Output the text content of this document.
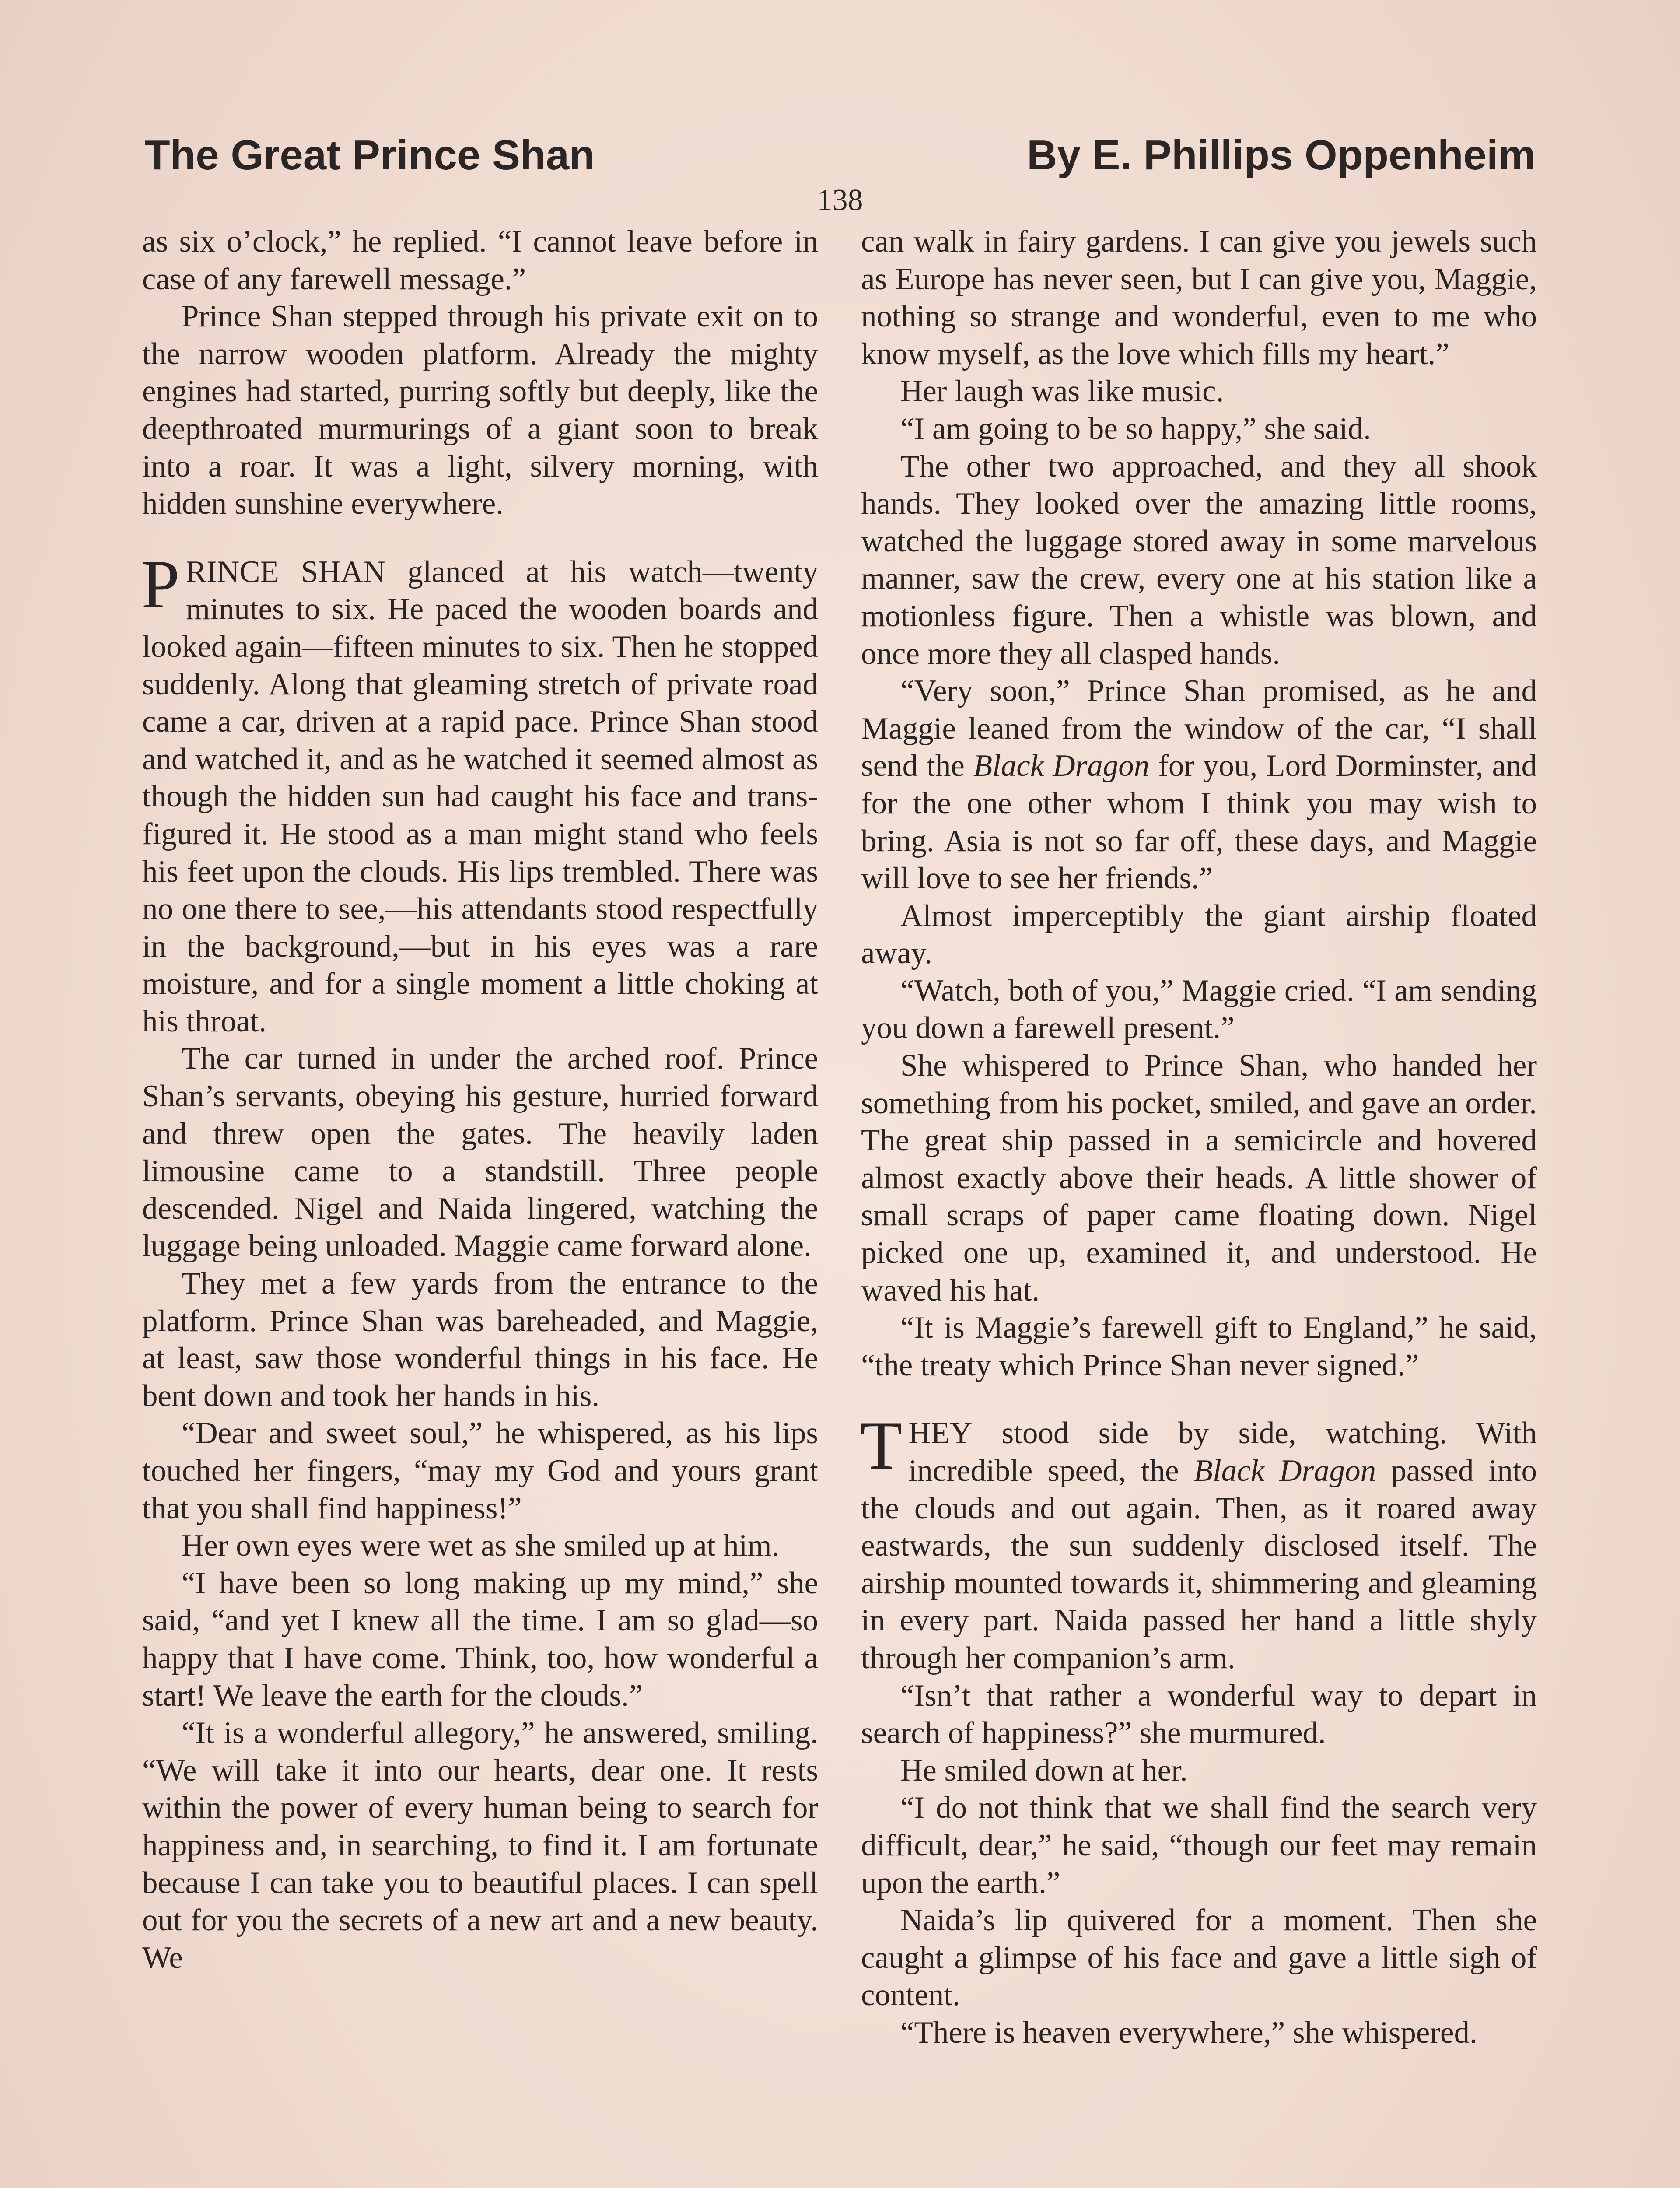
The Great Prince Shan	By E. Phillips Oppenheim
138

as six o’clock,” he replied. “I cannot leave before in case of any farewell message.”

Prince Shan stepped through his private exit on to the narrow wooden platform. Already the mighty engines had started, purring softly but deeply, like the deepthroated murmurings of a giant soon to break into a roar. It was a light, silvery morning, with hidden sunshine everywhere.

PRINCE SHAN glanced at his watch—twenty minutes to six. He paced the wooden boards and looked again—fifteen minutes to six. Then he stopped suddenly. Along that gleaming stretch of private road came a car, driven at a rapid pace. Prince Shan stood and watched it, and as he watched it seemed almost as though the hidden sun had caught his face and transfigured it. He stood as a man might stand who feels his feet upon the clouds. His lips trembled. There was no one there to see,—his attendants stood respectfully in the background,—but in his eyes was a rare moisture, and for a single moment a little choking at his throat.

The car turned in under the arched roof. Prince Shan’s servants, obeying his gesture, hurried forward and threw open the gates. The heavily laden limousine came to a standstill. Three people descended. Nigel and Naida lingered, watching the luggage being unloaded. Maggie came forward alone.

They met a few yards from the entrance to the platform. Prince Shan was bareheaded, and Maggie, at least, saw those wonderful things in his face. He bent down and took her hands in his.

“Dear and sweet soul,” he whispered, as his lips touched her fingers, “may my God and yours grant that you shall find happiness!”

Her own eyes were wet as she smiled up at him.

“I have been so long making up my mind,” she said, “and yet I knew all the time. I am so glad—so happy that I have come. Think, too, how wonderful a start! We leave the earth for the clouds.”

“It is a wonderful allegory,” he answered, smiling. “We will take it into our hearts, dear one. It rests within the power of every human being to search for happiness and, in searching, to find it. I am fortunate because I can take you to beautiful places. I can spell out for you the secrets of a new art and a new beauty. We

can walk in fairy gardens. I can give you jewels such as Europe has never seen, but I can give you, Maggie, nothing so strange and wonderful, even to me who know myself, as the love which fills my heart.”

Her laugh was like music.

“I am going to be so happy,” she said.

The other two approached, and they all shook hands. They looked over the amazing little rooms, watched the luggage stored away in some marvelous manner, saw the crew, every one at his station like a motionless figure. Then a whistle was blown, and once more they all clasped hands.

“Very soon,” Prince Shan promised, as he and Maggie leaned from the window of the car, “I shall send the Black Dragon for you, Lord Dorminster, and for the one other whom I think you may wish to bring. Asia is not so far off, these days, and Maggie will love to see her friends.”

Almost imperceptibly the giant airship floated away.

“Watch, both of you,” Maggie cried. “I am sending you down a farewell present.”

She whispered to Prince Shan, who handed her something from his pocket, smiled, and gave an order. The great ship passed in a semicircle and hovered almost exactly above their heads. A little shower of small scraps of paper came floating down. Nigel picked one up, examined it, and understood. He waved his hat.

“It is Maggie’s farewell gift to England,” he said, “the treaty which Prince Shan never signed.”

THEY stood side by side, watching. With incredible speed, the Black Dragon passed into the clouds and out again. Then, as it roared away eastwards, the sun suddenly disclosed itself. The airship mounted towards it, shimmering and gleaming in every part. Naida passed her hand a little shyly through her companion’s arm.

“Isn’t that rather a wonderful way to depart in search of happiness?” she murmured.

He smiled down at her.

“I do not think that we shall find the search very difficult, dear,” he said, “though our feet may remain upon the earth.”

Naida’s lip quivered for a moment. Then she caught a glimpse of his face and gave a little sigh of content.

“There is heaven everywhere,” she whispered.
